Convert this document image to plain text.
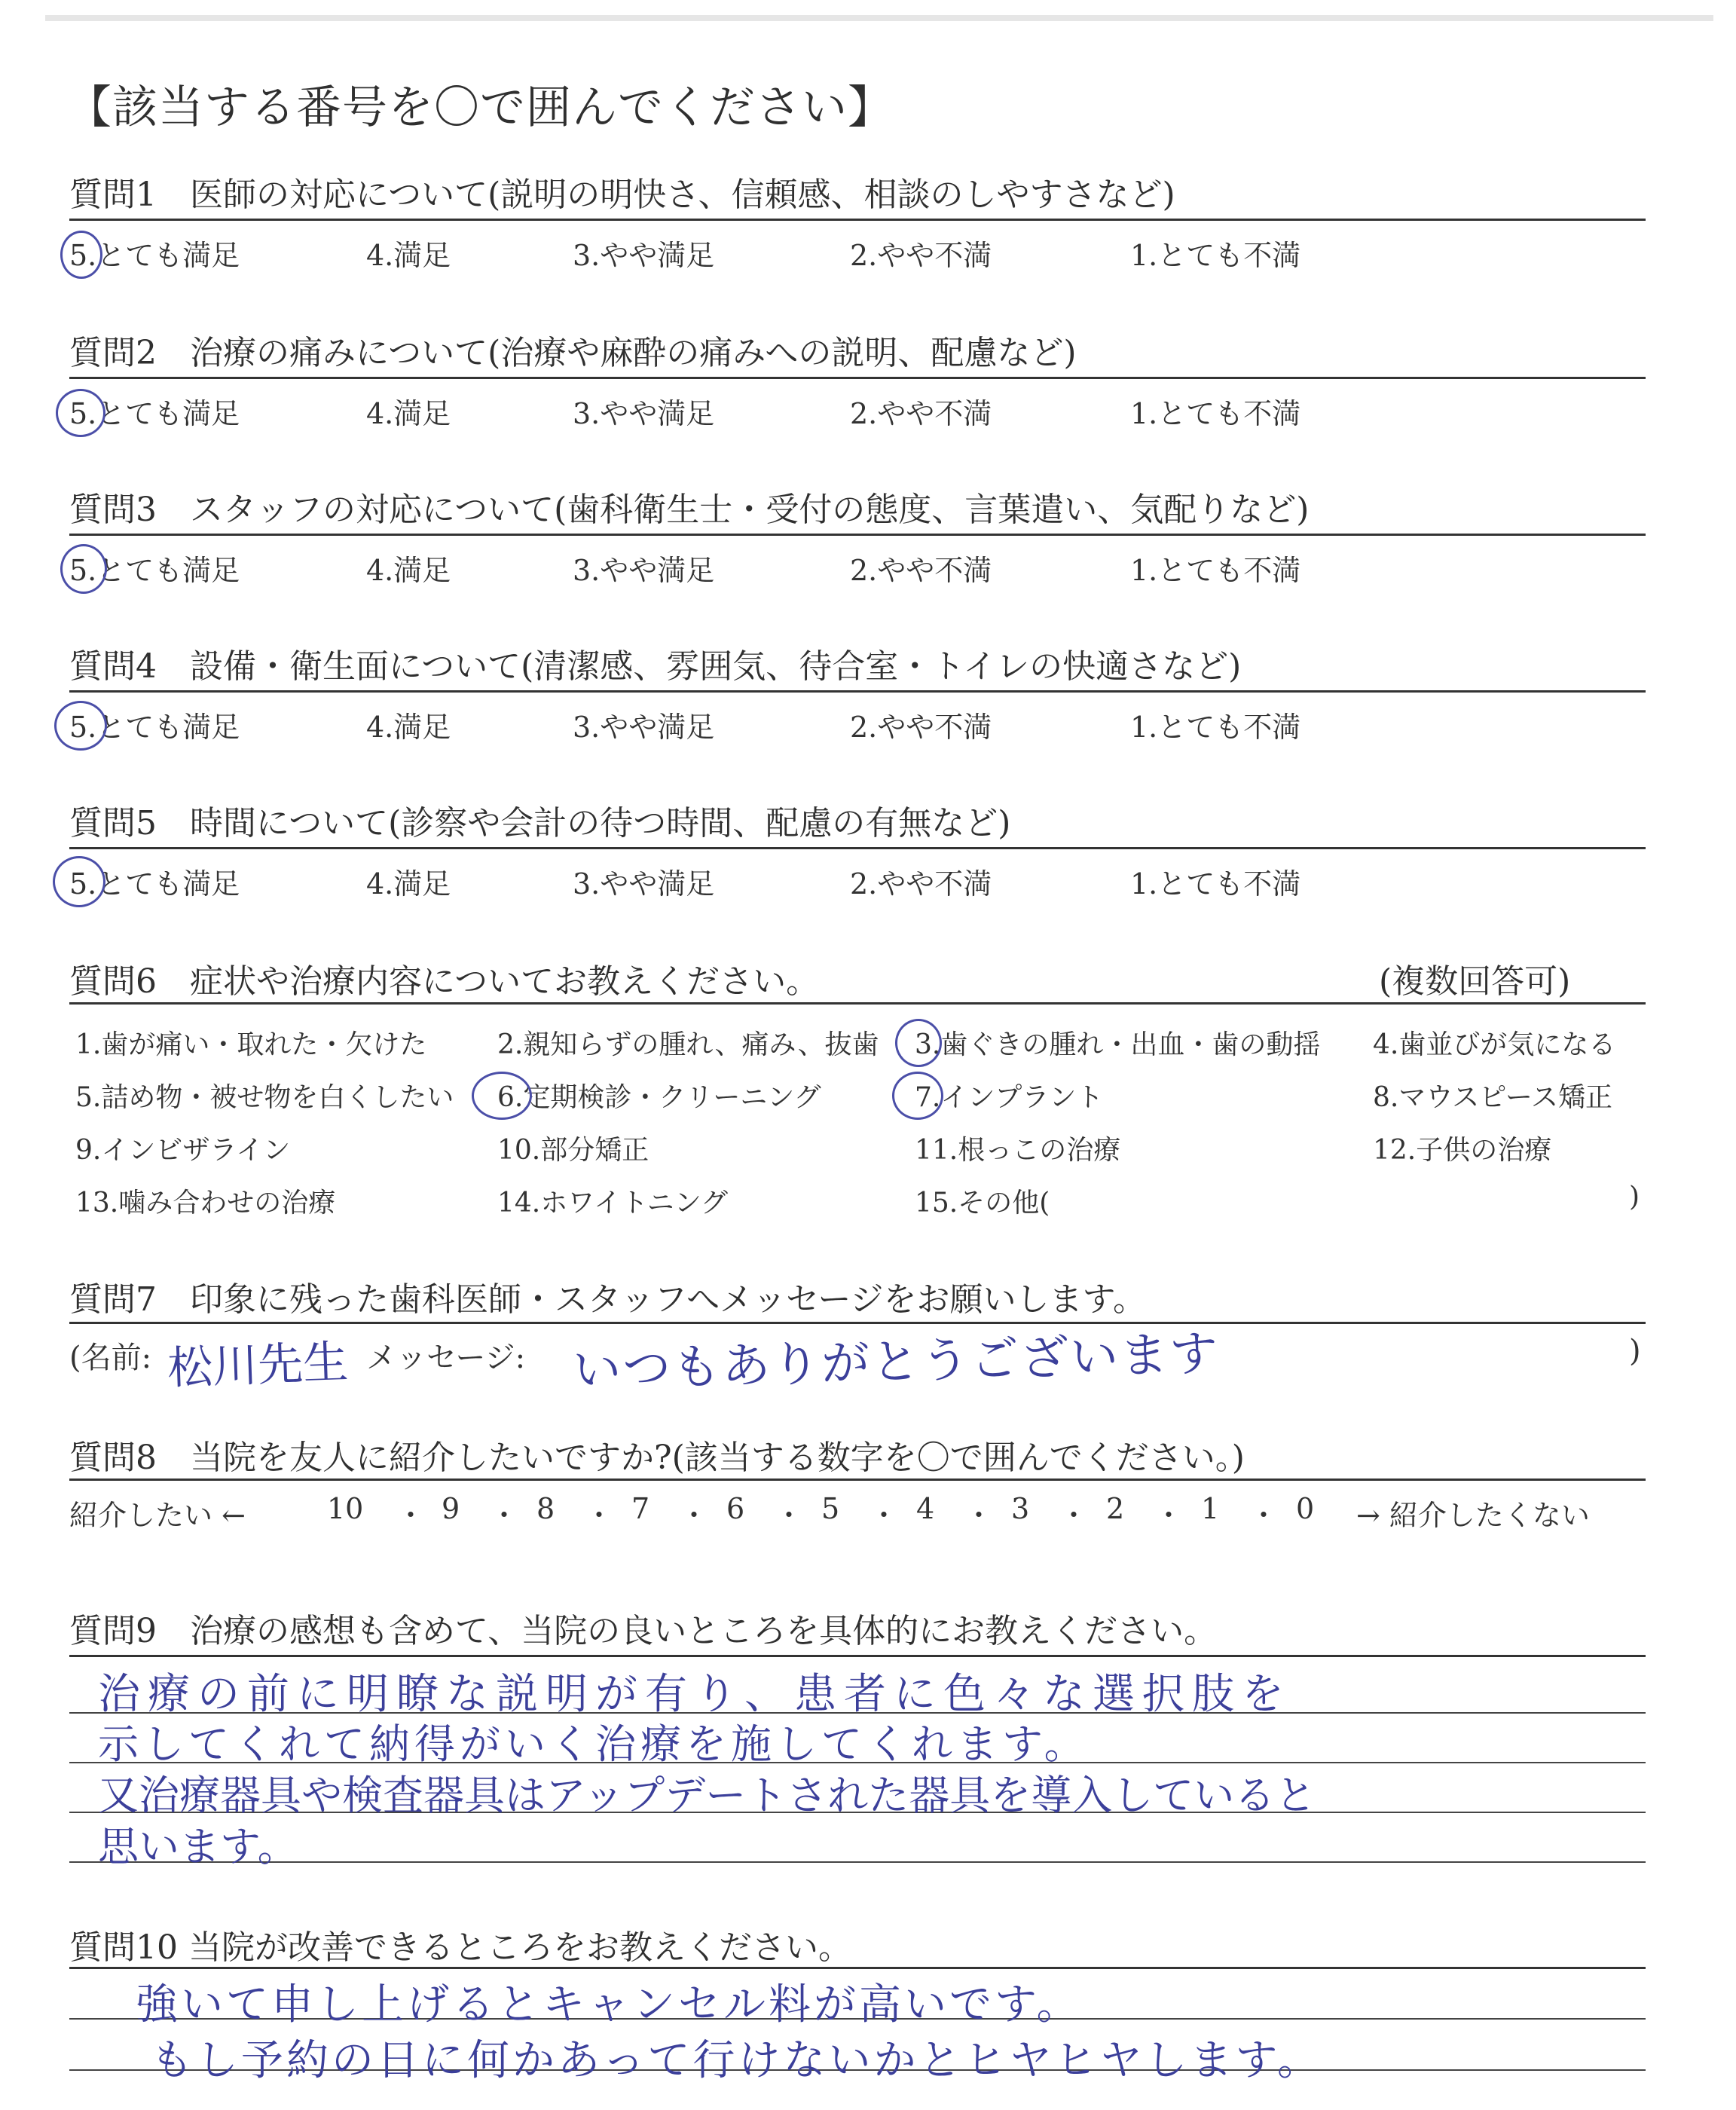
【該当する番号を〇で囲んでください】
質問1　医師の対応について(説明の明快さ、信頼感、相談のしやすさなど)
5.とても満足	4.満足	3.やや満足	2.やや不満	1.とても不満
質問2　治療の痛みについて(治療や麻酔の痛みへの説明、配慮など)
5.とても満足	4.満足	3.やや満足	2.やや不満	1.とても不満
質問3　スタッフの対応について(歯科衛生士・受付の態度、言葉遣い、気配りなど)
5.とても満足	4.満足	3.やや満足	2.やや不満	1.とても不満
質問4　設備・衛生面について(清潔感、雰囲気、待合室・トイレの快適さなど)
5.とても満足	4.満足	3.やや満足	2.やや不満	1.とても不満
質問5　時間について(診察や会計の待つ時間、配慮の有無など)
5.とても満足	4.満足	3.やや満足	2.やや不満	1.とても不満
質問6　症状や治療内容についてお教えください。	(複数回答可)
1.歯が痛い・取れた・欠けた	2.親知らずの腫れ、痛み、抜歯 3.歯ぐきの腫れ・出血・歯の動揺 4.歯並びが気になる
5.詰め物・被せ物を白くしたい 6.定期検診・クリーニング	7.インプラント	8.マウスピース矯正
9.インビザライン	10.部分矯正	11.根っこの治療	12.子供の治療
13.噛み合わせの治療	14.ホワイトニング	15.その他(	)
質問7　印象に残った歯科医師・スタッフへメッセージをお願いします。
(名前: 松川先生 メッセージ: いつもありがとうございます	)
質問8　当院を友人に紹介したいですか?(該当する数字を〇で囲んでください。)
紹介したい ←	10 ・ 9 ・ 8 ・ 7 ・ 6 ・ 5 ・ 4 ・ 3 ・ 2 ・ 1 ・ 0 → 紹介したくない
質問9　治療の感想も含めて、当院の良いところを具体的にお教えください。
治療の前に明瞭な説明が有り、患者に色々な選択肢を
示してくれて納得がいく治療を施してくれます。
又治療器具や検査器具はアップデートされた器具を導入していると
思います。
質問10 当院が改善できるところをお教えください。
強いて申し上げるとキャンセル料が高いです。
もし予約の日に何かあって行けないかとヒヤヒヤします。
